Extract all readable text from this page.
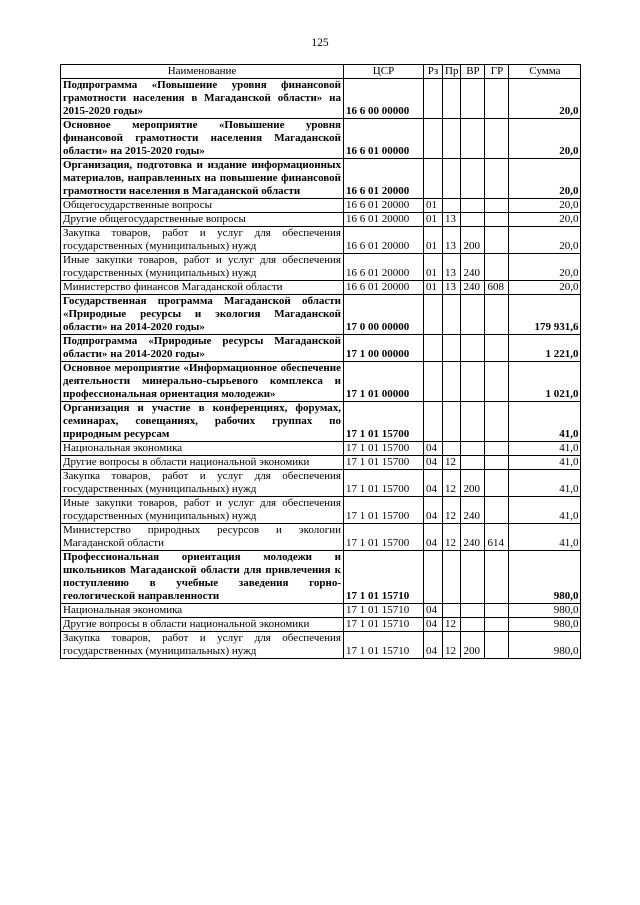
125
Наименование	ЦСР	Рз	Пр	ВР	ГР	Сумма
Подпрограмма «Повышение уровня финансовой грамотности населения в Магаданской области» на 2015-2020 годы»	16 6 00 00000					20,0
Основное мероприятие «Повышение уровня финансовой грамотности населения Магаданской области» на 2015-2020 годы»	16 6 01 00000					20,0
Организация, подготовка и издание информационных материалов, направленных на повышение финансовой грамотности населения в Магаданской области	16 6 01 20000					20,0
Общегосударственные вопросы	16 6 01 20000	01				20,0
Другие общегосударственные вопросы	16 6 01 20000	01	13			20,0
Закупка товаров, работ и услуг для обеспечения государственных (муниципальных) нужд	16 6 01 20000	01	13	200		20,0
Иные закупки товаров, работ и услуг для обеспечения государственных (муниципальных) нужд	16 6 01 20000	01	13	240		20,0
Министерство финансов Магаданской области	16 6 01 20000	01	13	240	608	20,0
Государственная программа Магаданской области «Природные ресурсы и экология Магаданской области» на 2014-2020 годы»	17 0 00 00000					179 931,6
Подпрограмма «Природные ресурсы Магаданской области» на 2014-2020 годы»	17 1 00 00000					1 221,0
Основное мероприятие «Информационное обеспечение деятельности минерально-сырьевого комплекса и профессиональная ориентация молодежи»	17 1 01 00000					1 021,0
Организация и участие в конференциях, форумах, семинарах, совещаниях, рабочих группах по природным ресурсам	17 1 01 15700					41,0
Национальная экономика	17 1 01 15700	04				41,0
Другие вопросы в области национальной экономики	17 1 01 15700	04	12			41,0
Закупка товаров, работ и услуг для обеспечения государственных (муниципальных) нужд	17 1 01 15700	04	12	200		41,0
Иные закупки товаров, работ и услуг для обеспечения государственных (муниципальных) нужд	17 1 01 15700	04	12	240		41,0
Министерство природных ресурсов и экологии Магаданской области	17 1 01 15700	04	12	240	614	41,0
Профессиональная ориентация молодежи и школьников Магаданской области для привлечения к поступлению в учебные заведения горно-геологической направленности	17 1 01 15710					980,0
Национальная экономика	17 1 01 15710	04				980,0
Другие вопросы в области национальной экономики	17 1 01 15710	04	12			980,0
Закупка товаров, работ и услуг для обеспечения государственных (муниципальных) нужд	17 1 01 15710	04	12	200		980,0
